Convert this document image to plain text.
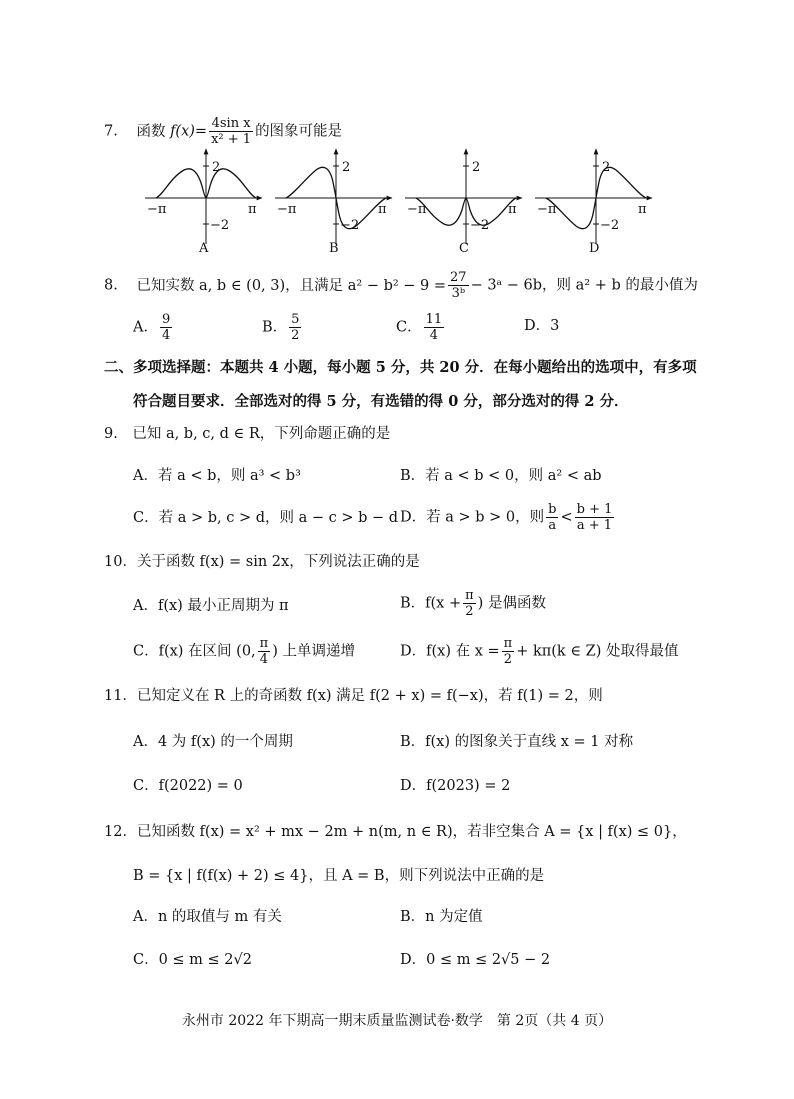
7. 函数 $f(x)= \frac{\text{4sin x}}{\text{x² + 1}}$ 的图象可能是
2
−2
−π	π
A
2
−2
−π	π
B
2
−2
−π	π
C
2
−2
−π	π
D
8. 已知实数 a, b ∈ (0, 3)，且满足 $a^2 - b^2 - 9 = \frac{27}{\text{3ᵇ}}$ − 3ᵃ − 6b，则 a² + b 的最小值为
A． $\frac{9}{4}$	B． $\frac{5}{2}$	C． $\frac{11}{4}$	D．3
二、多项选择题：本题共 4 小题，每小题 5 分，共 20 分．在每小题给出的选项中，有多项
符合题目要求．全部选对的得 5 分，有选错的得 0 分，部分选对的得 2 分．
9.　已知 a, b, c, d ∈ R，下列命题正确的是
A．若 a < b，则 a³ < b³	B．若 a < b < 0，则 a² < ab
C．若 a > b, c > d，则 a − c > b − d D．若 a > b > 0，则 $\frac{b}{a} < \frac{b + 1}{a + 1}$
10．关于函数 f(x) = sin 2x，下列说法正确的是
A．f(x) 最小正周期为 π	B．$f(x + \frac{\pi}{2}$ ) 是偶函数
C．f(x) 在区间 (0, $\frac{\pi}{4}$ ) 上单调递增	D．f(x) 在 $x = \frac{\pi}{2} + k\pi(k$ ∈ Z) 处取得最值
11．已知定义在 R 上的奇函数 f(x) 满足 f(2 + x) = f(−x)，若 f(1) = 2，则
A．4 为 f(x) 的一个周期	B．f(x) 的图象关于直线 x = 1 对称
C．f(2022) = 0	D．f(2023) = 2
12．已知函数 f(x) = x² + mx − 2m + n(m, n ∈ R)，若非空集合 A = {x | f(x) ≤ 0}，
B = {x | f(f(x) + 2) ≤ 4}，且 A = B，则下列说法中正确的是
A．n 的取值与 m 有关	B．n 为定值
C．0 ≤ m ≤ 2√2	D．0 ≤ m ≤ 2√5 − 2
永州市 2022 年下期高一期末质量监测试卷·数学　第 2页（共 4 页）
